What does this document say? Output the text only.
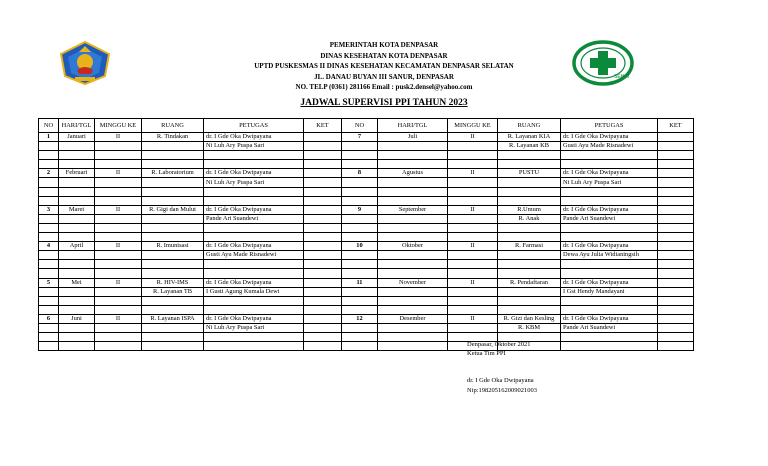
SEHAT
PEMERINTAH KOTA DENPASAR
DINAS KESEHATAN KOTA DENPASAR
UPTD PUSKESMAS II DINAS KESEHATAN KECAMATAN DENPASAR SELATAN
JL. DANAU BUYAN III SANUR, DENPASAR
NO. TELP (0361) 281166 Email : pusk2.densel@yahoo.com
JADWAL SUPERVISI PPI TAHUN 2023
NO	HARI/TGL	MINGGU KE	RUANG	PETUGAS	KET	NO	HARI/TGL	MINGGU KE	RUANG	PETUGAS	KET
1	Januari	II	R. Tindakan	dr. I Gde Oka Dwipayana		7	Juli	II	R. Layanan KIA	dr. I Gde Oka Dwipayana	
				Ni Luh Ary Puspa Sari					R. Layanan KB	Gusti Ayu Made Risnadewi	

2	Februari	II	R. Laboratorium	dr. I Gde Oka Dwipayana		8	Agustus	II	PUSTU	dr. I Gde Oka Dwipayana	
				Ni Luh Ary Puspa Sari						Ni Luh Ary Puspa Sari	

3	Maret	II	R. Gigi dan Mulut	dr. I Gde Oka Dwipayana		9	September	II	R.Umum	dr. I Gde Oka Dwipayana	
				Pande Ari Suandewi					R. Anak	Pande Ari Suandewi	

4	April	II	R. Imunisasi	dr. I Gde Oka Dwipayana		10	Oktober	II	R. Farmasi	dr. I Gde Oka Dwipayana	
				Gusti Ayu Made Risnadewi						Dewa Ayu Julia Widianingsih	

5	Mei	II	R. HIV-IMS	dr. I Gde Oka Dwipayana		11	November	II	R. Pendaftaran	dr. I Gde Oka Dwipayana	
			R. Layanan TB	I Gusti Agung Kumala Dewi						I Gst Hendy Mandayani	

6	Juni	II	R. Layanan ISPA	dr. I Gde Oka Dwipayana		12	Desember	II	R. Gizi dan Kesling	dr. I Gde Oka Dwipayana	
				Ni Luh Ary Puspa Sari					R. KBM	Pande Ari Suandewi	

Denpasar, Oktober 2021
Ketua Tim PPI
dr. I Gde Oka Dwipayana
Nip:198205162009021003
